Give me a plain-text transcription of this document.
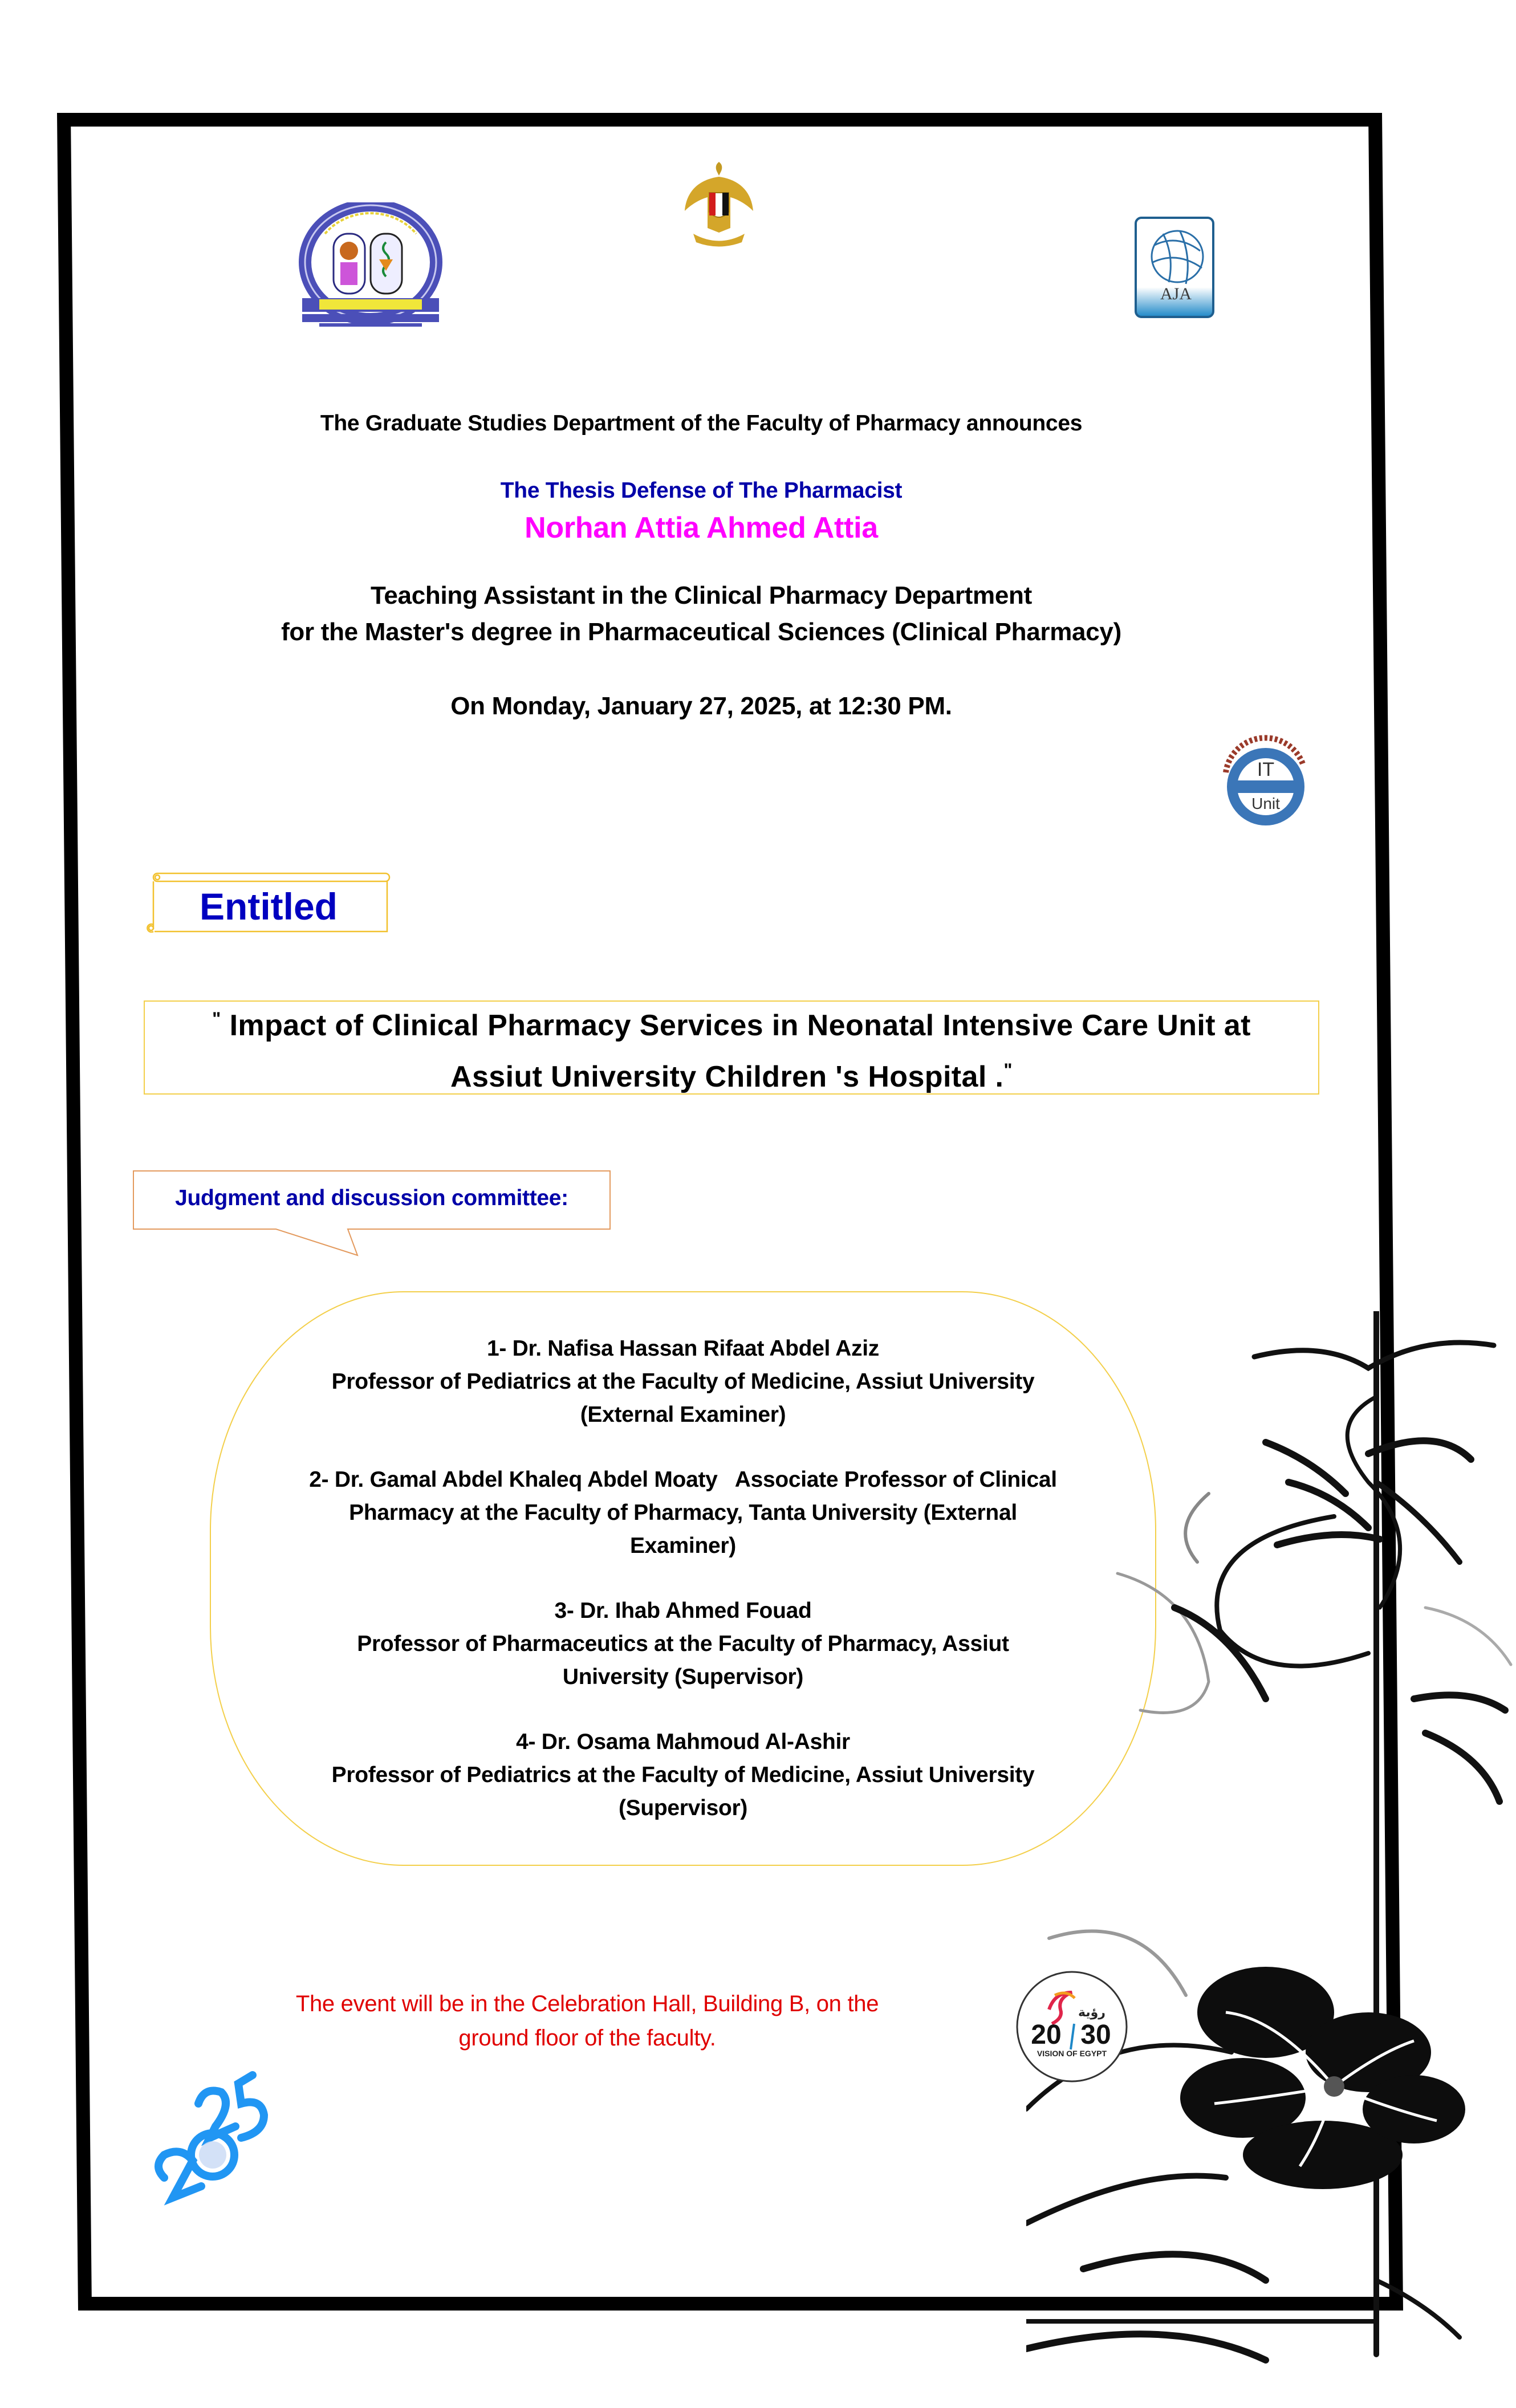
AJA
The Graduate Studies Department of the Faculty of Pharmacy announces
The Thesis Defense of The Pharmacist
Norhan Attia Ahmed Attia
Teaching Assistant in the Clinical Pharmacy Department
for the Master's degree in Pharmaceutical Sciences (Clinical Pharmacy)
On Monday, January 27, 2025, at 12:30 PM.
IT
Unit
Entitled
" Impact of Clinical Pharmacy Services in Neonatal Intensive Care Unit at
Assiut University Children 's Hospital ."
Judgment and discussion committee:
1- Dr. Nafisa Hassan Rifaat Abdel Aziz
Professor of Pediatrics at the Faculty of Medicine, Assiut University
(External Examiner)
2- Dr. Gamal Abdel Khaleq Abdel Moaty   Associate Professor of Clinical
Pharmacy at the Faculty of Pharmacy, Tanta University (External
Examiner)
3- Dr. Ihab Ahmed Fouad
Professor of Pharmaceutics at the Faculty of Pharmacy, Assiut
University (Supervisor)
4- Dr. Osama Mahmoud Al-Ashir
Professor of Pediatrics at the Faculty of Medicine, Assiut University
(Supervisor)
رؤية
20 30
VISION OF EGYPT
The event will be in the Celebration Hall, Building B, on the
ground floor of the faculty.
